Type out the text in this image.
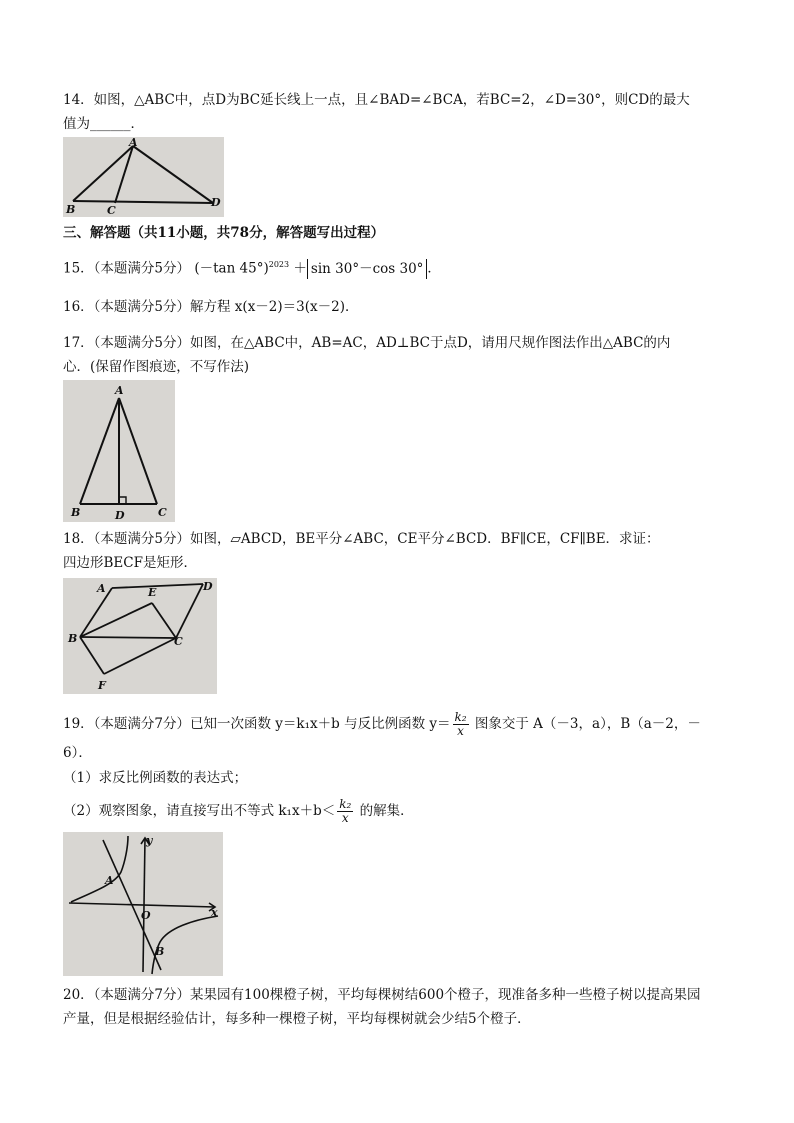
14．如图，△ABC中，点D为BC延长线上一点，且∠BAD=∠BCA，若BC=2，∠D=30°，则CD的最大
值为______．
A
B	C
D
三、解答题（共11小题，共78分，解答题写出过程）
15．（本题满分5分） (－tan 45°)$^{2023}$ ＋ sin 30°－cos 30° ．
16．（本题满分5分）解方程 x(x－2)＝3(x－2)．
17．（本题满分5分）如图，在△ABC中，AB=AC，AD⊥BC于点D，请用尺规作图法作出△ABC的内
心．(保留作图痕迹，不写作法)
A
B	D	C
18．（本题满分5分）如图，▱ABCD，BE平分∠ABC，CE平分∠BCD．BF∥CE，CF∥BE．求证：
四边形BECF是矩形．
A	E	D
B	C
F
19．（本题满分7分）已知一次函数 y＝k₁x＋b 与反比例函数 $y= \frac{\text{k₂}}{x}$ 图象交于 A（－3，a），B（a－2，－
6）．
（1）求反比例函数的表达式；
（2）观察图象，请直接写出不等式 $k_1x+b< \frac{\text{k₂}}{x}$ 的解集．
y
x
O
A
B
20．（本题满分7分）某果园有100棵橙子树，平均每棵树结600个橙子，现准备多种一些橙子树以提高果园
产量，但是根据经验估计，每多种一棵橙子树，平均每棵树就会少结5个橙子．
